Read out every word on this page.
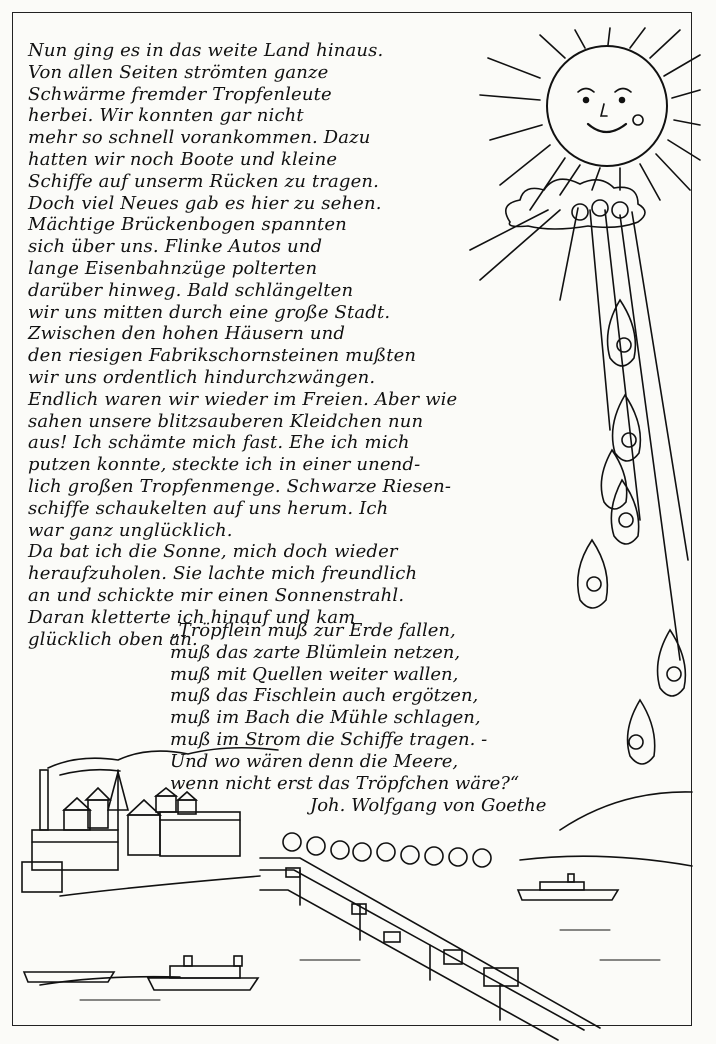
Nun ging es in das weite Land hinaus.
Von allen Seiten strömten ganze
Schwärme fremder Tropfenleute
herbei. Wir konnten gar nicht
mehr so schnell vorankommen. Dazu
hatten wir noch Boote und kleine
Schiffe auf unserm Rücken zu tragen.
Doch viel Neues gab es hier zu sehen.
Mächtige Brückenbogen spannten
sich über uns. Flinke Autos und
lange Eisenbahnzüge polterten
darüber hinweg. Bald schlängelten
wir uns mitten durch eine große Stadt.
Zwischen den hohen Häusern und
den riesigen Fabrikschornsteinen mußten
wir uns ordentlich hindurchzwängen.
Endlich waren wir wieder im Freien. Aber wie
sahen unsere blitzsauberen Kleidchen nun
aus! Ich schämte mich fast. Ehe ich mich
putzen konnte, steckte ich in einer unend-
lich großen Tropfenmenge. Schwarze Riesen-
schiffe schaukelten auf uns herum. Ich
war ganz unglücklich.
Da bat ich die Sonne, mich doch wieder
heraufzuholen. Sie lachte mich freundlich
an und schickte mir einen Sonnenstrahl.
Daran kletterte ich hinauf und kam
glücklich oben an.
„Tröpflein muß zur Erde fallen,
muß das zarte Blümlein netzen,
muß mit Quellen weiter wallen,
muß das Fischlein auch ergötzen,
muß im Bach die Mühle schlagen,
muß im Strom die Schiffe tragen. -
Und wo wären denn die Meere,
wenn nicht erst das Tröpfchen wäre?“
Joh. Wolfgang von Goethe
